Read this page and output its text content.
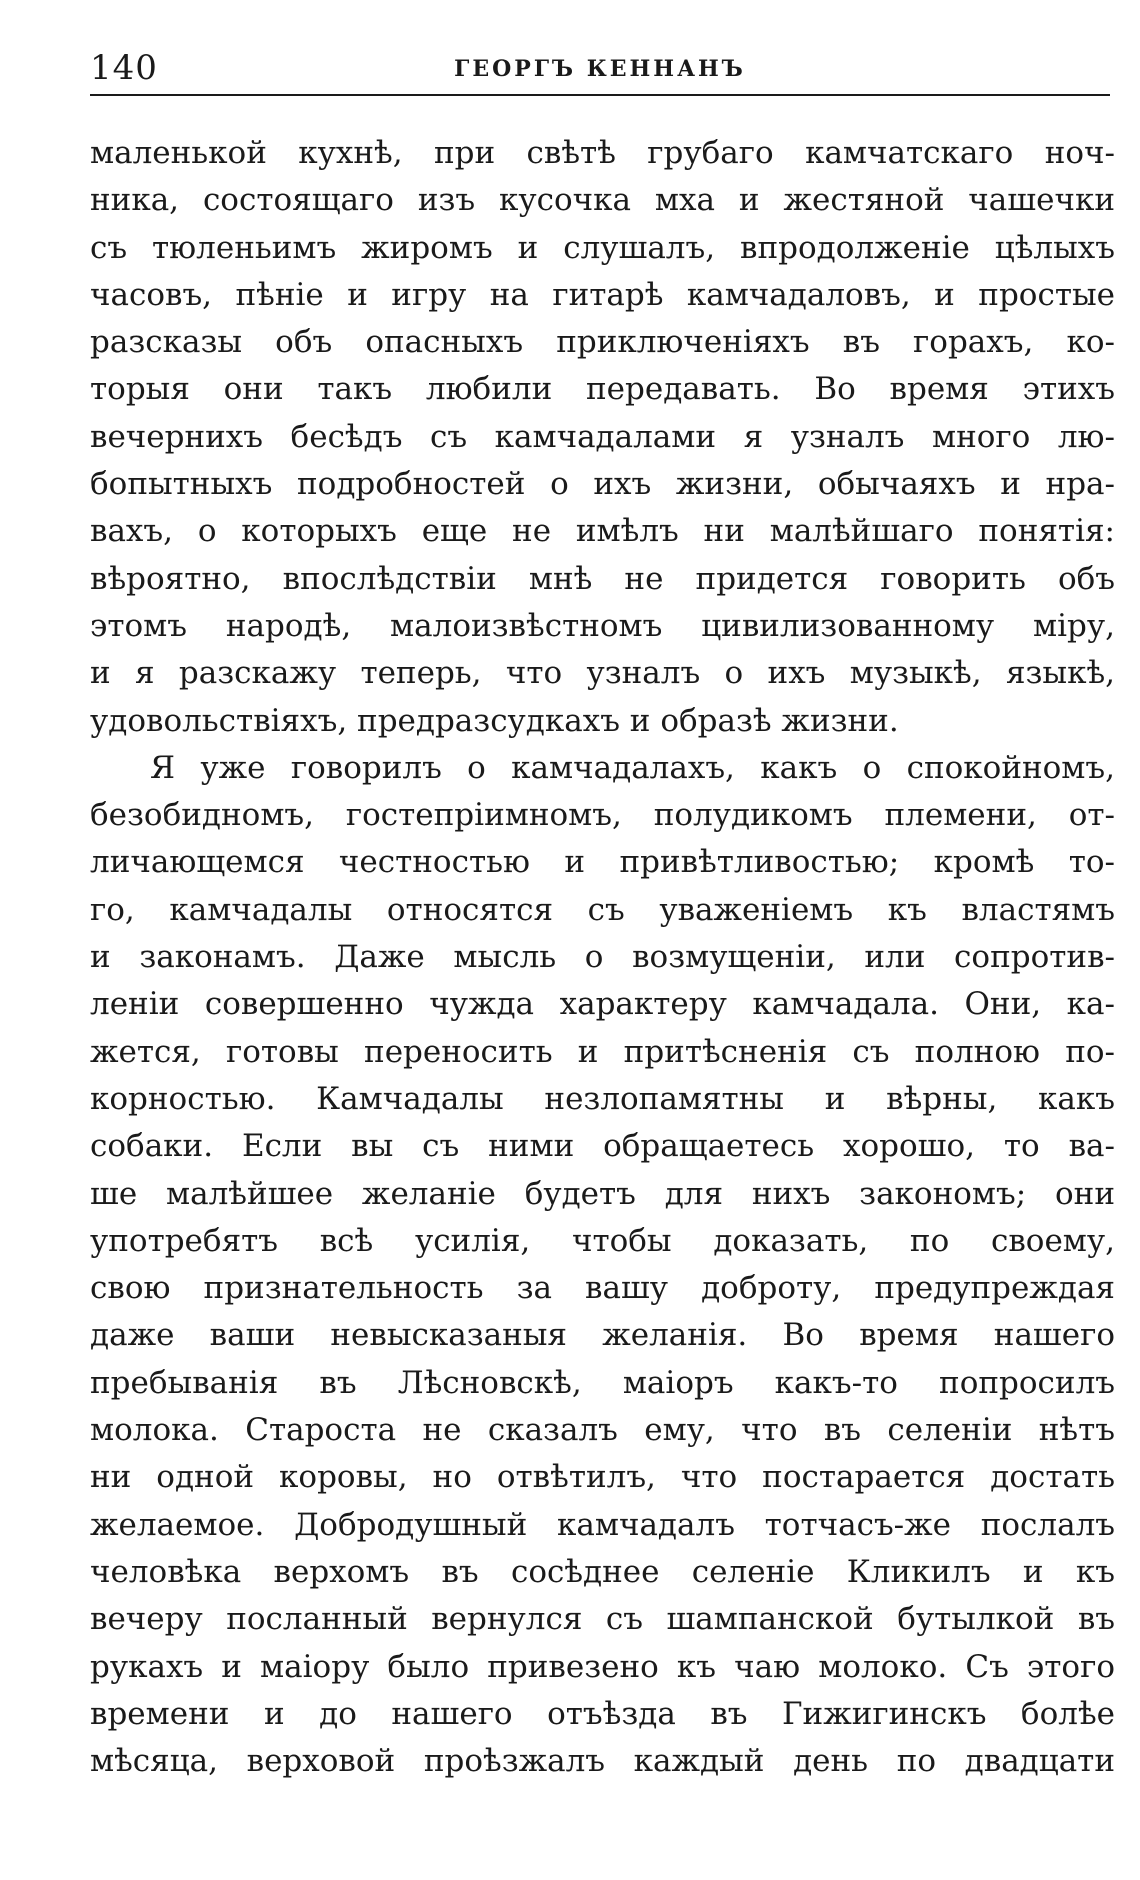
140	ГЕОРГЪ КЕННАНЪ
маленькой кухнѣ, при свѣтѣ грубаго камчатскаго ноч-
ника, состоящаго изъ кусочка мха и жестяной чашечки
съ тюленьимъ жиромъ и слушалъ, впродолженіе цѣлыхъ
часовъ, пѣніе и игру на гитарѣ камчадаловъ, и простые
разсказы объ опасныхъ приключеніяхъ въ горахъ, ко-
торыя они такъ любили передавать. Во время этихъ
вечернихъ бесѣдъ съ камчадалами я узналъ много лю-
бопытныхъ подробностей о ихъ жизни, обычаяхъ и нра-
вахъ, о которыхъ еще не имѣлъ ни малѣйшаго понятія:
вѣроятно, впослѣдствіи мнѣ не придется говорить объ
этомъ народѣ, малоизвѣстномъ цивилизованному міру,
и я разскажу теперь, что узналъ о ихъ музыкѣ, языкѣ,
удовольствіяхъ, предразсудкахъ и образѣ жизни.
Я уже говорилъ о камчадалахъ, какъ о спокойномъ,
безобидномъ, гостепріимномъ, полудикомъ племени, от-
личающемся честностью и привѣтливостью; кромѣ то-
го, камчадалы относятся съ уваженіемъ къ властямъ
и законамъ. Даже мысль о возмущеніи, или сопротив-
леніи совершенно чужда характеру камчадала. Они, ка-
жется, готовы переносить и притѣсненія съ полною по-
корностью. Камчадалы незлопамятны и вѣрны, какъ
собаки. Если вы съ ними обращаетесь хорошо, то ва-
ше малѣйшее желаніе будетъ для нихъ закономъ; они
употребятъ всѣ усилія, чтобы доказать, по своему,
свою признательность за вашу доброту, предупреждая
даже ваши невысказаныя желанія. Во время нашего
пребыванія въ Лѣсновскѣ, маіоръ какъ-то попросилъ
молока. Староста не сказалъ ему, что въ селеніи нѣтъ
ни одной коровы, но отвѣтилъ, что постарается достать
желаемое. Добродушный камчадалъ тотчасъ-же послалъ
человѣка верхомъ въ сосѣднее селеніе Кликилъ и къ
вечеру посланный вернулся съ шампанской бутылкой въ
рукахъ и маіору было привезено къ чаю молоко. Съ этого
времени и до нашего отъѣзда въ Гижигинскъ болѣе
мѣсяца, верховой проѣзжалъ каждый день по двадцати
